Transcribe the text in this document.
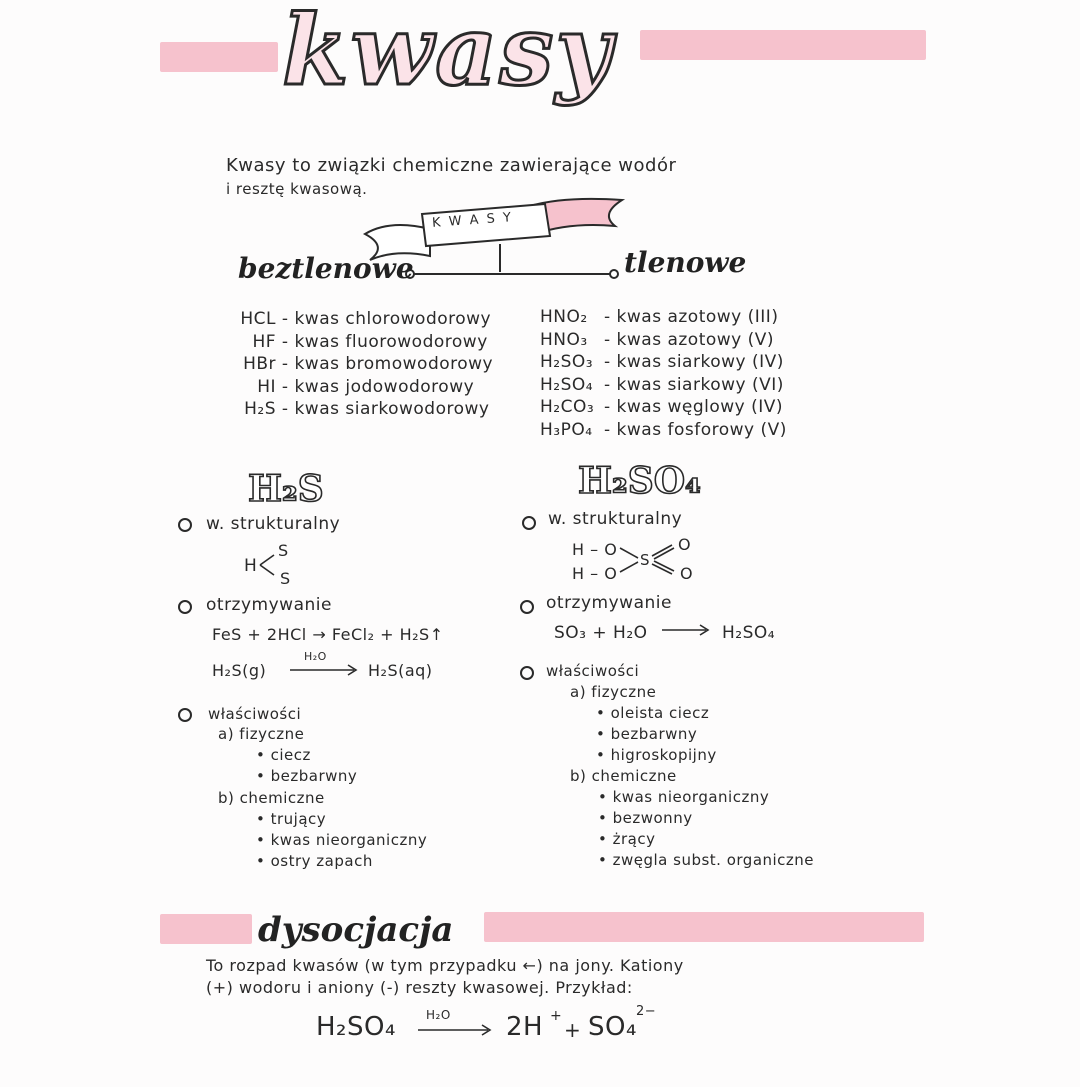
kwasy
Kwasy to związki chemiczne zawierające wodór
i resztę kwasową.
K W A S Y
beztlenowe	tlenowe
HCL - kwas chlorowodorowy
HF - kwas fluorowodorowy
HBr - kwas bromowodorowy
HI - kwas jodowodorowy
H₂S - kwas siarkowodorowy
HNO₂ - kwas azotowy (III)
HNO₃ - kwas azotowy (V)
H₂SO₃ - kwas siarkowy (IV)
H₂SO₄ - kwas siarkowy (VI)
H₂CO₃ - kwas węglowy (IV)
H₃PO₄ - kwas fosforowy (V)
H₂S
w. strukturalny
H
S
S
otrzymywanie
FeS + 2HCl → FeCl₂ + H₂S↑
H₂S(g)
H₂O
H₂S(aq)
właściwości
a) fizyczne
• ciecz
• bezbarwny
b) chemiczne
• trujący
• kwas nieorganiczny
• ostry zapach
H₂SO₄
w. strukturalny
H – O
H – O
S
O
O
otrzymywanie
SO₃ + H₂O	H₂SO₄
właściwości
a) fizyczne
• oleista ciecz
• bezbarwny
• higroskopijny
b) chemiczne
• kwas nieorganiczny
• bezwonny
• żrący
• zwęgla subst. organiczne
dysocjacja
To rozpad kwasów (w tym przypadku ←) na jony. Kationy
(+) wodoru i aniony (-) reszty kwasowej. Przykład:
H₂SO₄	H₂O 2H +
+ SO₄
2−
